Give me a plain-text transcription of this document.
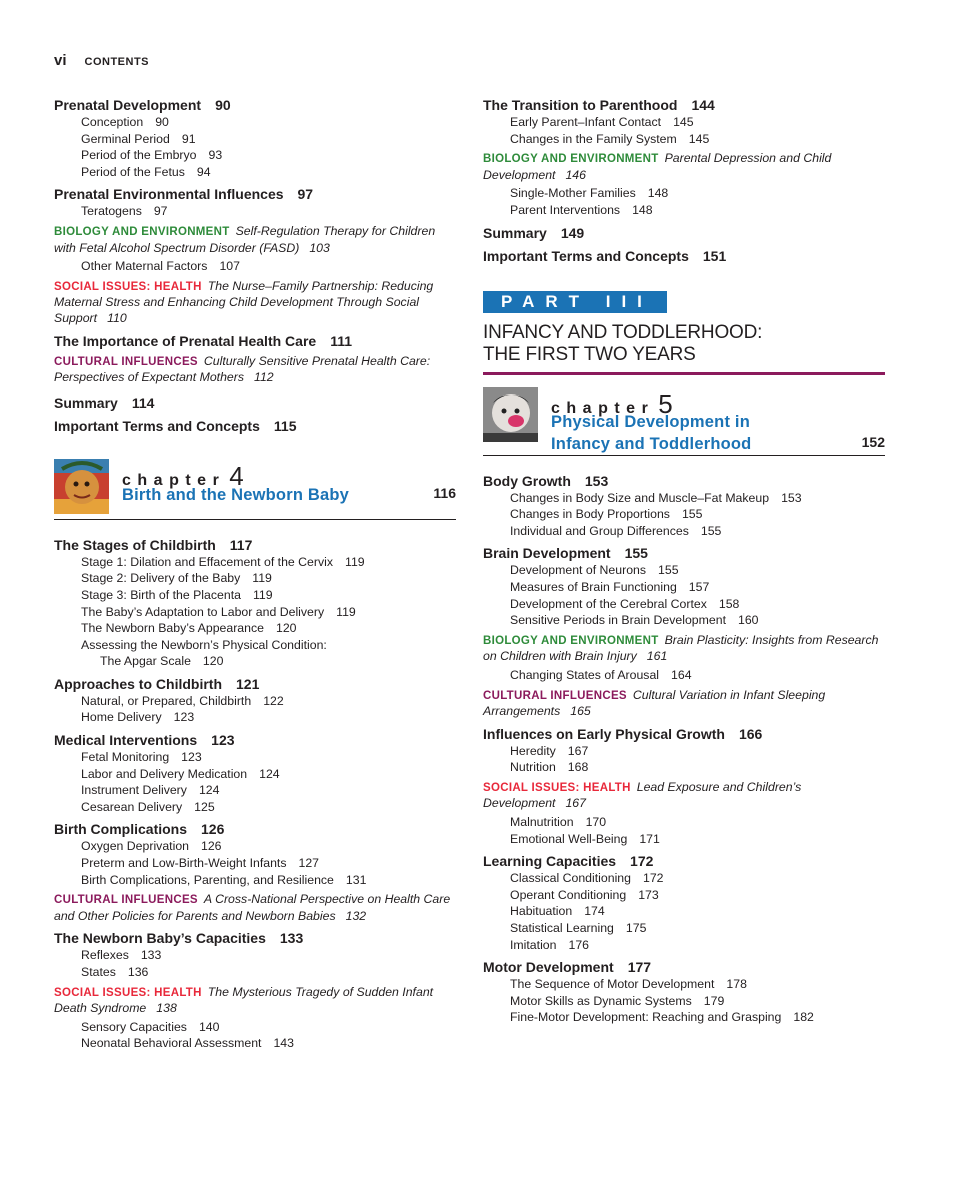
vi CONTENTS
Prenatal Development 90
Conception 90
Germinal Period 91
Period of the Embryo 93
Period of the Fetus 94
Prenatal Environmental Influences 97
Teratogens 97
BIOLOGY AND ENVIRONMENT Self-Regulation Therapy for Children with Fetal Alcohol Spectrum Disorder (FASD) 103
Other Maternal Factors 107
SOCIAL ISSUES: HEALTH The Nurse–Family Partnership: Reducing Maternal Stress and Enhancing Child Development Through Social Support 110
The Importance of Prenatal Health Care 111
CULTURAL INFLUENCES Culturally Sensitive Prenatal Health Care: Perspectives of Expectant Mothers 112
Summary 114
Important Terms and Concepts 115
chapter 4
Birth and the Newborn Baby	116
The Stages of Childbirth 117
Stage 1: Dilation and Effacement of the Cervix 119
Stage 2: Delivery of the Baby 119
Stage 3: Birth of the Placenta 119
The Baby’s Adaptation to Labor and Delivery 119
The Newborn Baby’s Appearance 120
Assessing the Newborn’s Physical Condition:
The Apgar Scale 120
Approaches to Childbirth 121
Natural, or Prepared, Childbirth 122
Home Delivery 123
Medical Interventions 123
Fetal Monitoring 123
Labor and Delivery Medication 124
Instrument Delivery 124
Cesarean Delivery 125
Birth Complications 126
Oxygen Deprivation 126
Preterm and Low-Birth-Weight Infants 127
Birth Complications, Parenting, and Resilience 131
CULTURAL INFLUENCES A Cross-National Perspective on Health Care and Other Policies for Parents and Newborn Babies 132
The Newborn Baby’s Capacities 133
Reflexes 133
States 136
SOCIAL ISSUES: HEALTH The Mysterious Tragedy of Sudden Infant Death Syndrome 138
Sensory Capacities 140
Neonatal Behavioral Assessment 143
The Transition to Parenthood 144
Early Parent–Infant Contact 145
Changes in the Family System 145
BIOLOGY AND ENVIRONMENT Parental Depression and Child Development 146
Single-Mother Families 148
Parent Interventions 148
Summary 149
Important Terms and Concepts 151
PART III
INFANCY AND TODDLERHOOD:
THE FIRST TWO YEARS
chapter 5
Physical Development in
Infancy and Toddlerhood	152
Body Growth 153
Changes in Body Size and Muscle–Fat Makeup 153
Changes in Body Proportions 155
Individual and Group Differences 155
Brain Development 155
Development of Neurons 155
Measures of Brain Functioning 157
Development of the Cerebral Cortex 158
Sensitive Periods in Brain Development 160
BIOLOGY AND ENVIRONMENT Brain Plasticity: Insights from Research on Children with Brain Injury 161
Changing States of Arousal 164
CULTURAL INFLUENCES Cultural Variation in Infant Sleeping Arrangements 165
Influences on Early Physical Growth 166
Heredity 167
Nutrition 168
SOCIAL ISSUES: HEALTH Lead Exposure and Children’s Development 167
Malnutrition 170
Emotional Well-Being 171
Learning Capacities 172
Classical Conditioning 172
Operant Conditioning 173
Habituation 174
Statistical Learning 175
Imitation 176
Motor Development 177
The Sequence of Motor Development 178
Motor Skills as Dynamic Systems 179
Fine-Motor Development: Reaching and Grasping 182
